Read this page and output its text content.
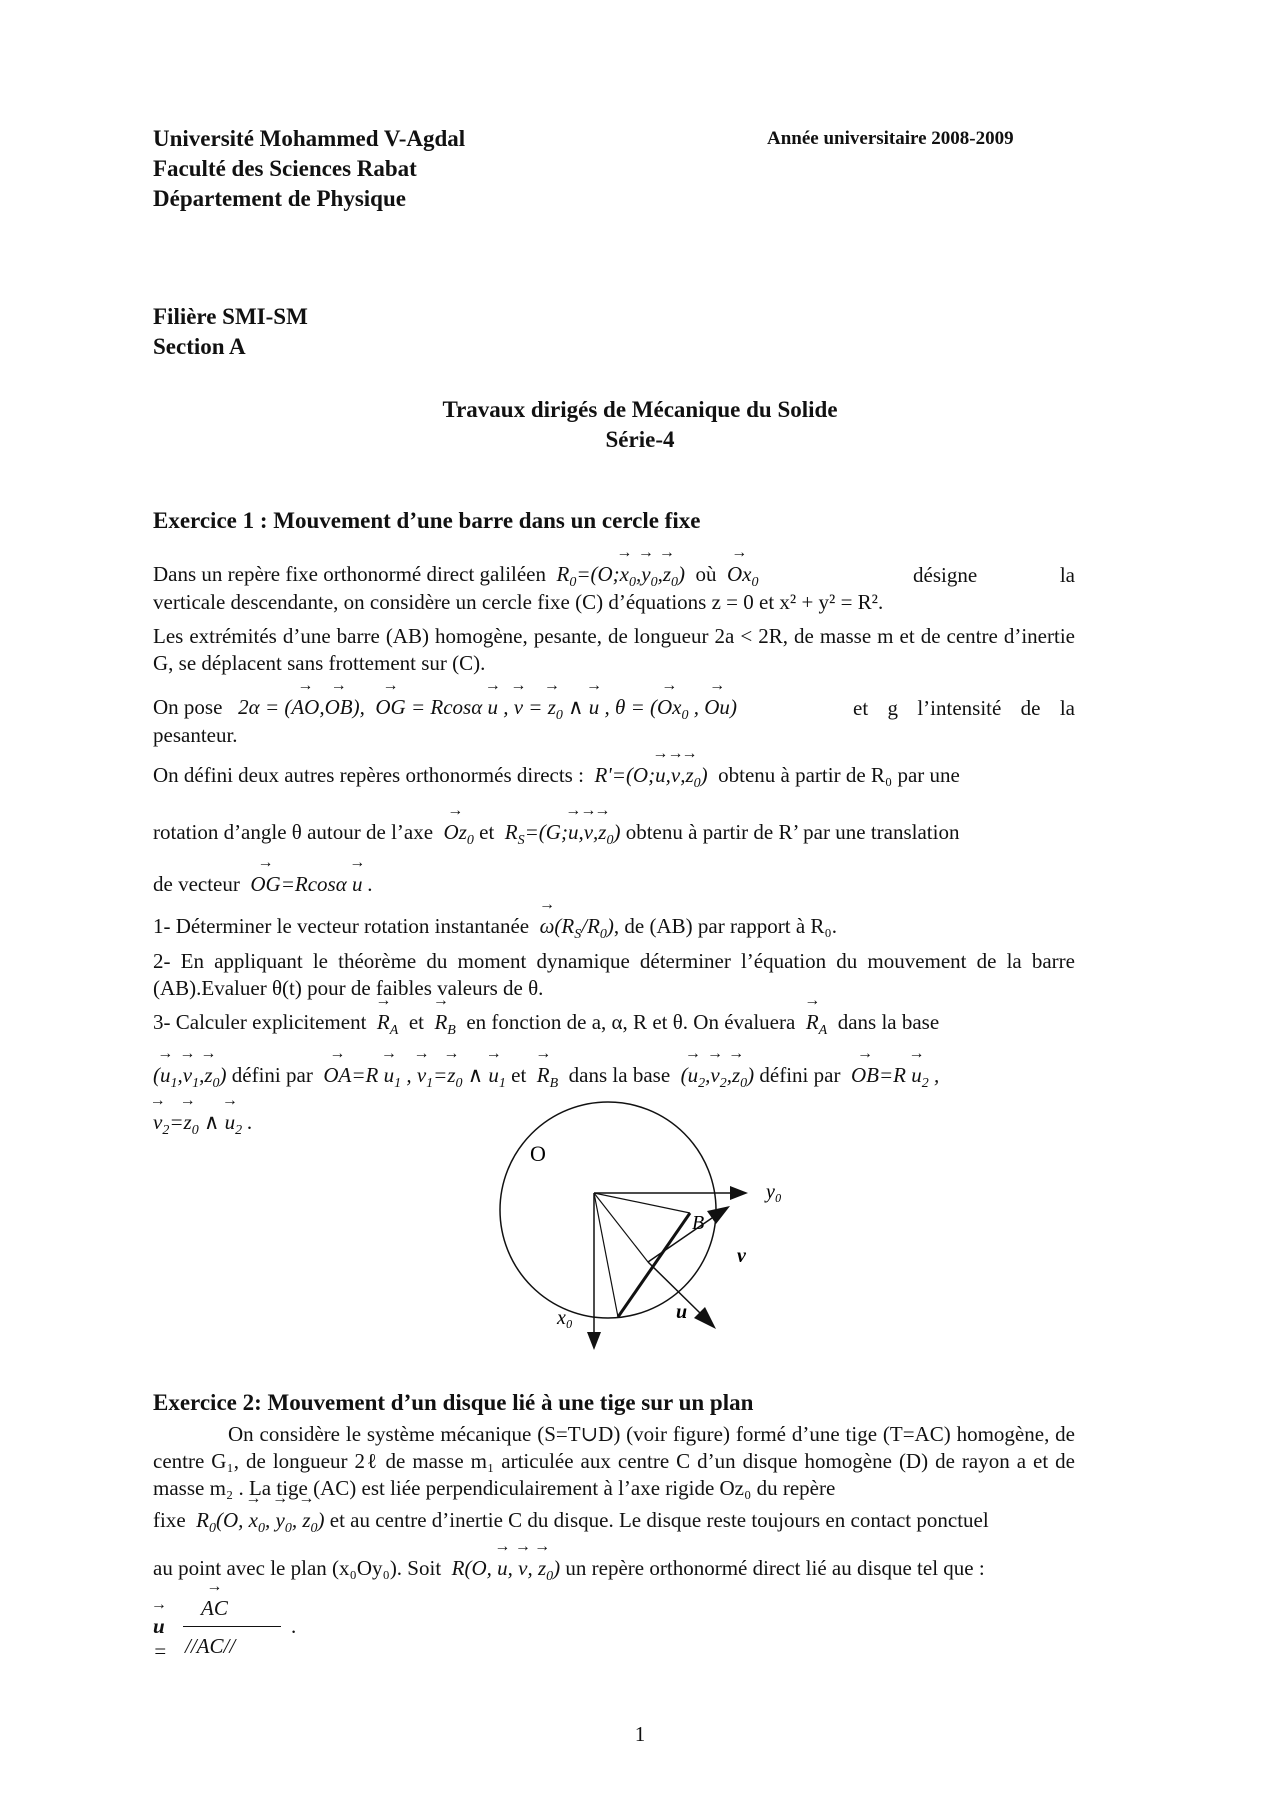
Université Mohammed V-Agdal
Faculté des Sciences Rabat
Département de Physique
Année universitaire 2008-2009
Filière SMI-SM
Section A
Travaux dirigés de Mécanique du Solide
Série-4
Exercice 1 : Mouvement d’une barre dans un cercle fixe
Dans un repère fixe orthonormé direct galiléen  $R_0=(O;\to x_0,\to y_0,\to z_0)$ où → $Ox_0$	désigne la verticale descendante, on considère un cercle fixe (C) d’équations z = 0 et x² + y² = R².
Les extrémités d’une barre (AB) homogène, pesante, de longueur 2a < 2R, de masse m et de centre d’inertie G, se déplacent sans frottement sur (C).
On pose   2α = (→ AO,→ OB),  → OG = Rcosα → u , → v = → $z_0$ ∧ → u , θ = (→ $Ox_0$ , → Ou)	et g l’intensité de la pesanteur.
On défini deux autres repères orthonormés directs :  R'=(O;→ $u,\to v,\to z_0$) obtenu à partir de R₀ par une
rotation d’angle θ autour de l’axe → $Oz_0$ et  $R_S=(G;\to u,\to v,\to z_0)$ obtenu à partir de R’ par une translation
de vecteur → OG=Rcosα → u .
1- Déterminer le vecteur rotation instantanée → $\omega(R_S/R_0)$, de (AB) par rapport à R₀.
2- En appliquant le théorème du moment dynamique déterminer l’équation du mouvement de la barre (AB).Evaluer θ(t) pour de faibles valeurs de θ.
3- Calculer explicitement → $R_A$ et → $R_B$ en fonction de a, α, R et θ. On évaluera → $R_A$ dans la base
(→ $u_1,\to v_1,\to z_0$) défini par → $OA=R \to u_1$ , → $v_1=\to z_0$ ∧ → $u_1$ et → $R_B$ dans la base  (→ $u_2,\to v_2,\to z_0$) défini par → $OB=R \to u_2$ ,
→ $v_2=\to z_0$ ∧ → $u_2$ .
O
y₀
x₀
B
u
v
Exercice 2: Mouvement d’un disque lié à une tige sur un plan
On considère le système mécanique (S=T∪D) (voir figure) formé d’une tige (T=AC) homogène, de centre G₁, de longueur 2ℓ de masse m₁ articulée aux centre C d’un disque homogène (D) de rayon a et de masse m₂ . La tige (AC) est liée perpendiculairement à l’axe rigide Oz₀ du repère
fixe  $R_0(O$, → $x_0$, → $y_0$, → $z_0$) et au centre d’inertie C du disque. Le disque reste toujours en contact ponctuel
au point avec le plan (x₀Oy₀). Soit  R(O, → u, → v, → $z_0$) un repère orthonormé direct lié au disque tel que :
→ u=
→ AC
//AC//
.
1
